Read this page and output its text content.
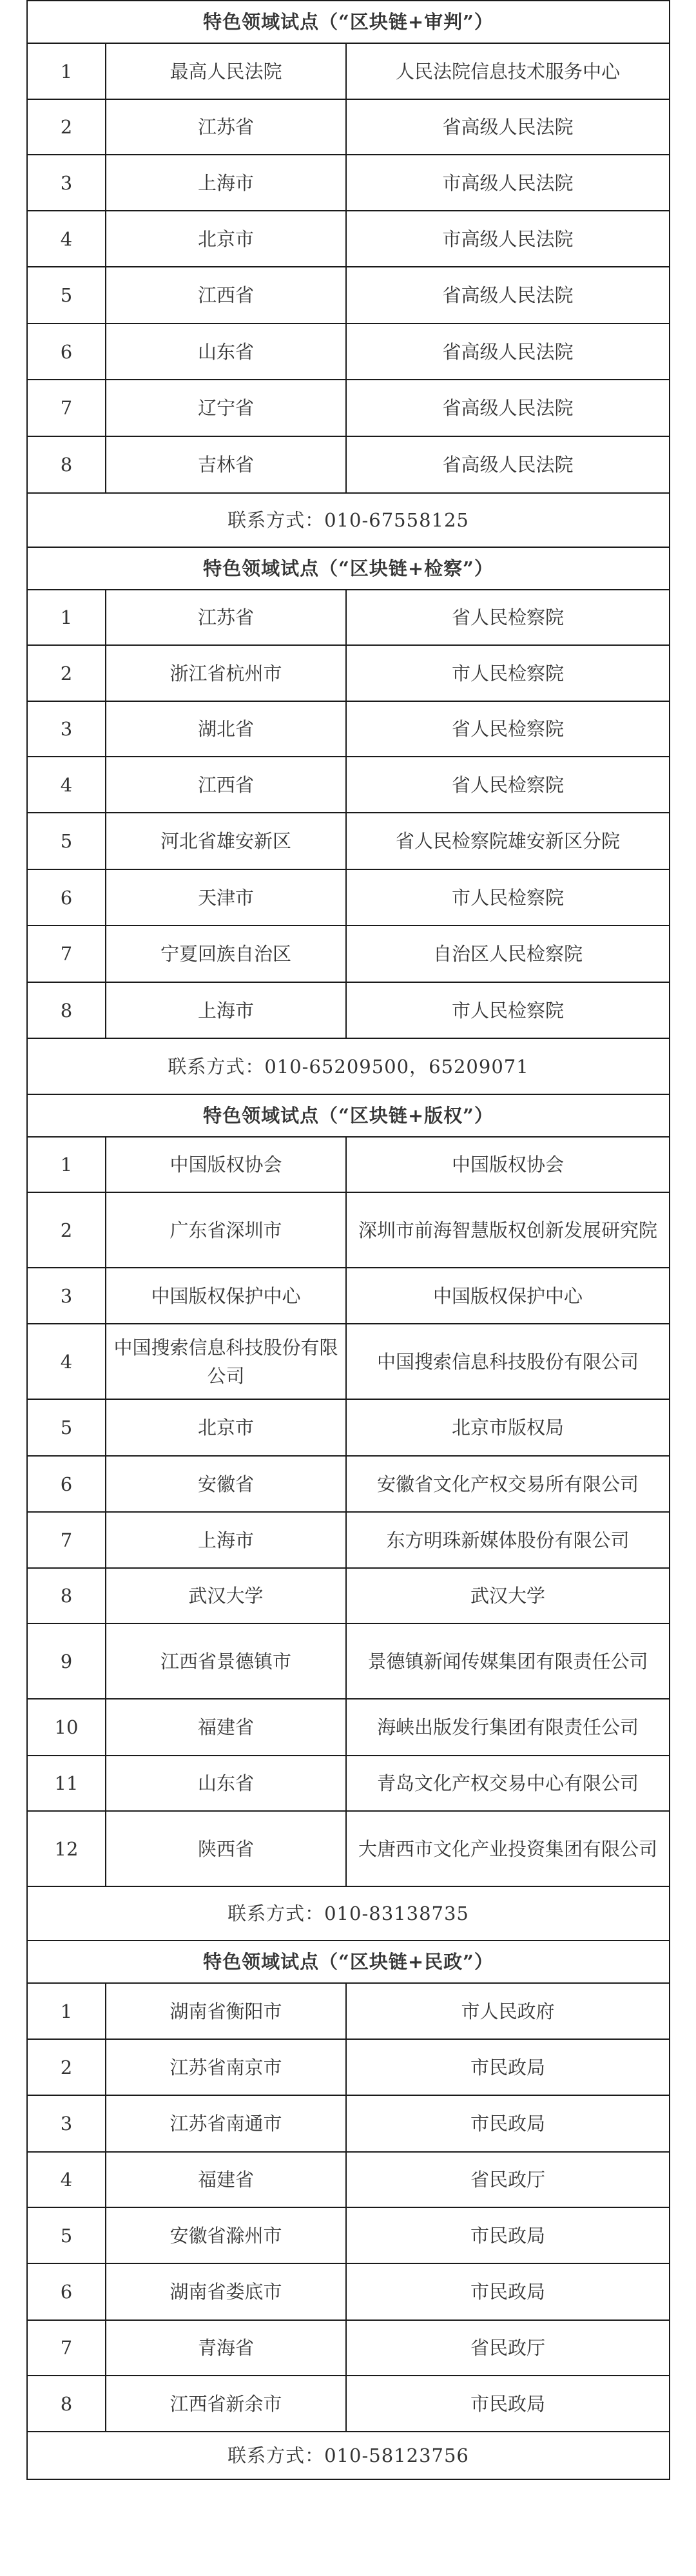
特色领域试点（“区块链+审判”）		
1	最高人民法院	人民法院信息技术服务中心
2	江苏省	省高级人民法院
3	上海市	市高级人民法院
4	北京市	市高级人民法院
5	江西省	省高级人民法院
6	山东省	省高级人民法院
7	辽宁省	省高级人民法院
8	吉林省	省高级人民法院
联系方式：010-67558125		
特色领域试点（“区块链+检察”）		
1	江苏省	省人民检察院
2	浙江省杭州市	市人民检察院
3	湖北省	省人民检察院
4	江西省	省人民检察院
5	河北省雄安新区	省人民检察院雄安新区分院
6	天津市	市人民检察院
7	宁夏回族自治区	自治区人民检察院
8	上海市	市人民检察院
联系方式：010-65209500，65209071		
特色领域试点（“区块链+版权”）		
1	中国版权协会	中国版权协会
2	广东省深圳市	深圳市前海智慧版权创新发展研究院
3	中国版权保护中心	中国版权保护中心
4	中国搜索信息科技股份有限公司	中国搜索信息科技股份有限公司
5	北京市	北京市版权局
6	安徽省	安徽省文化产权交易所有限公司
7	上海市	东方明珠新媒体股份有限公司
8	武汉大学	武汉大学
9	江西省景德镇市	景德镇新闻传媒集团有限责任公司
10	福建省	海峡出版发行集团有限责任公司
11	山东省	青岛文化产权交易中心有限公司
12	陕西省	大唐西市文化产业投资集团有限公司
联系方式：010-83138735		
特色领域试点（“区块链+民政”）		
1	湖南省衡阳市	市人民政府
2	江苏省南京市	市民政局
3	江苏省南通市	市民政局
4	福建省	省民政厅
5	安徽省滁州市	市民政局
6	湖南省娄底市	市民政局
7	青海省	省民政厅
8	江西省新余市	市民政局
联系方式：010-58123756		
